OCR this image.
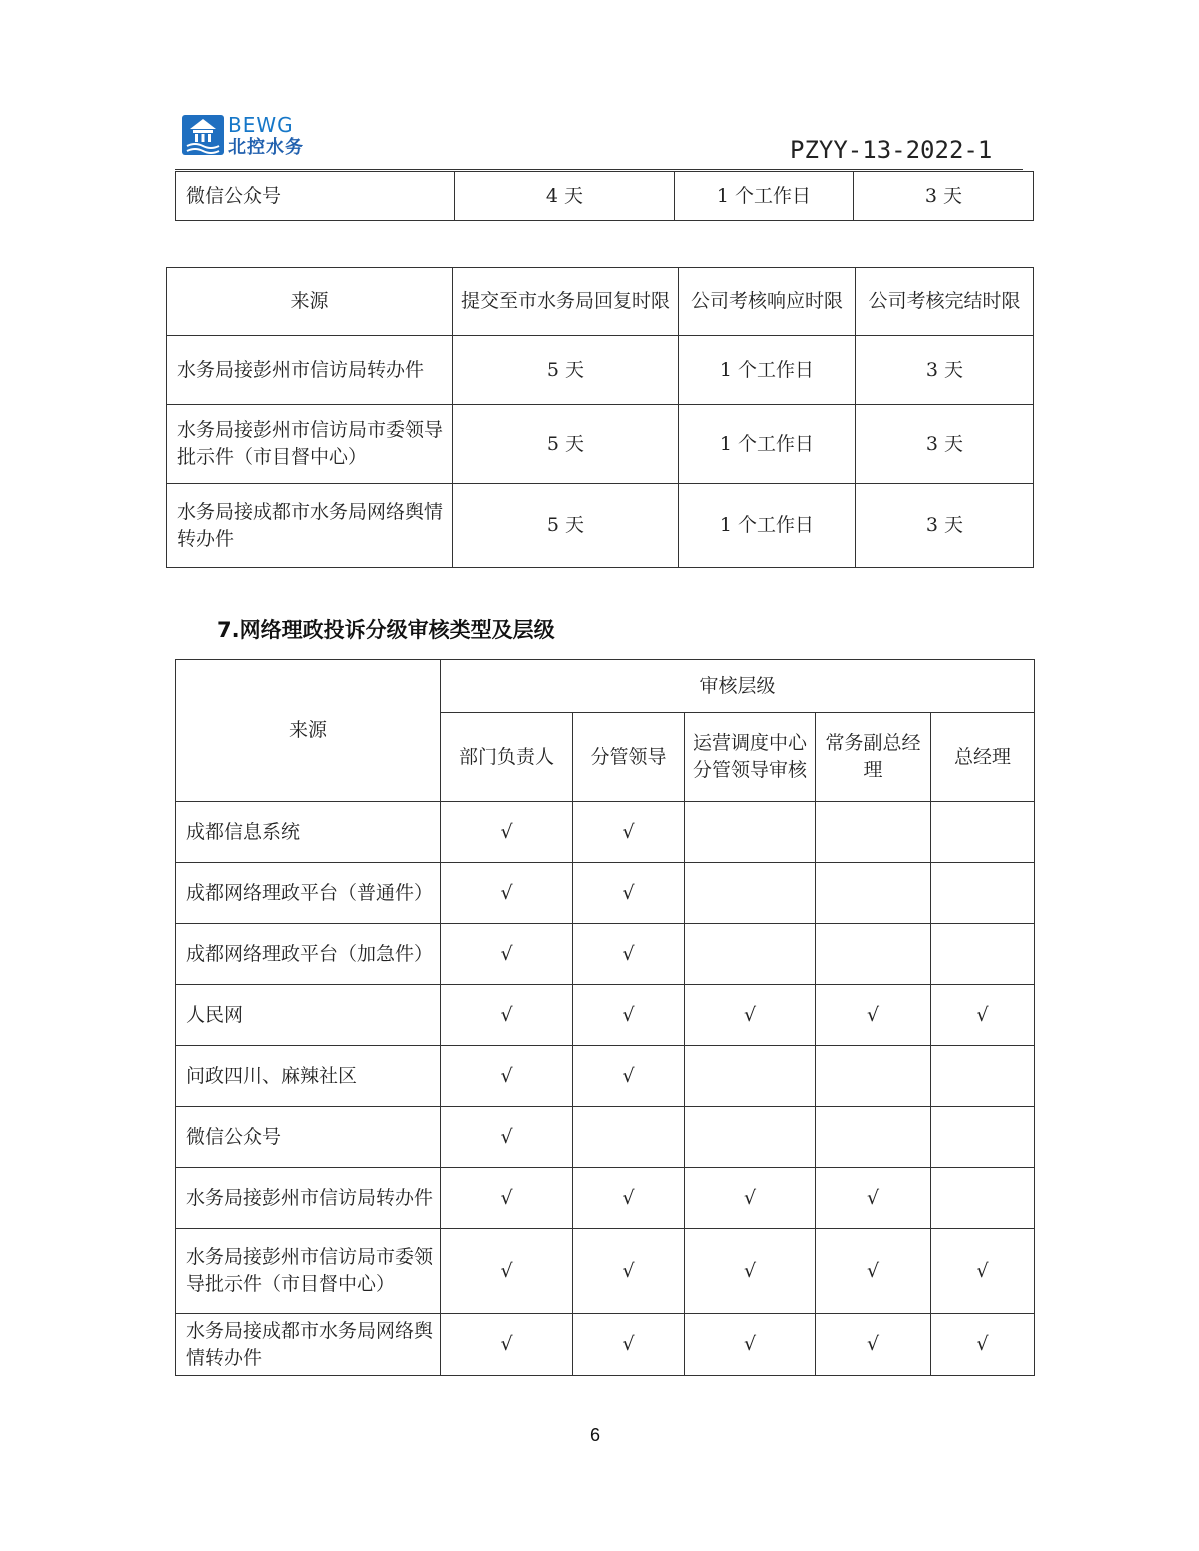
BEWG
北控水务	PZYY-13-2022-1
微信公众号	4 天	1 个工作日	3 天
来源	提交至市水务局回复时限	公司考核响应时限	公司考核完结时限
水务局接彭州市信访局转办件	5 天	1 个工作日	3 天
水务局接彭州市信访局市委领导批示件（市目督中心）	5 天	1 个工作日	3 天
水务局接成都市水务局网络舆情转办件	5 天	1 个工作日	3 天
7.网络理政投诉分级审核类型及层级
来源	审核层级				
	部门负责人	分管领导	运营调度中心分管领导审核	常务副总经理	总经理
成都信息系统	√	√			
成都网络理政平台（普通件）	√	√			
成都网络理政平台（加急件）	√	√			
人民网	√	√	√	√	√
问政四川、麻辣社区	√	√			
微信公众号	√				
水务局接彭州市信访局转办件	√	√	√	√	
水务局接彭州市信访局市委领导批示件（市目督中心）	√	√	√	√	√
水务局接成都市水务局网络舆情转办件	√	√	√	√	√
6
